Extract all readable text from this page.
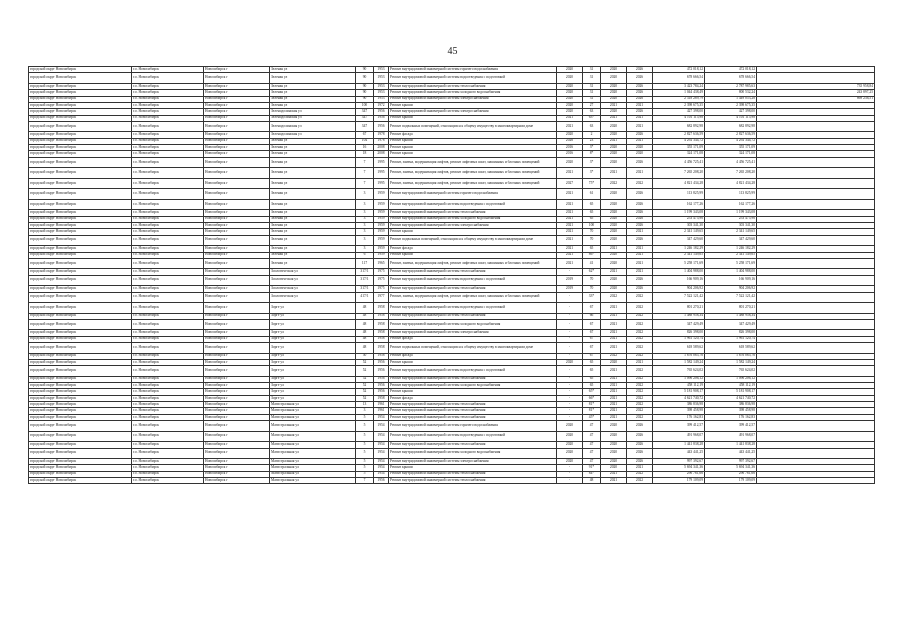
45
городской округ Новосибирск	г.о. Новосибирск	Новосибирск г	Зеленая ул	90	1953	Ремонт внутридомовой инженерной системы горячего водоснабжения	2020	31	2020	2026	472 018,12	472 018,12	
городской округ Новосибирск	г.о. Новосибирск	Новосибирск г	Зеленая ул	90	1953	Ремонт внутридомовой инженерной системы водоотведения с подготовкой	2020	31	2020	2026	678 666,54	678 666,54	
городской округ Новосибирск	г.о. Новосибирск	Новосибирск г	Зеленая ул	90	1953	Ремонт внутридомовой инженерной системы теплоснабжения	2020	31	2020	2026	3 423 784,24	2 787 985,63	735 958,84
городской округ Новосибирск	г.о. Новосибирск	Новосибирск г	Зеленая ул	90	1953	Ремонт внутридомовой инженерной системы холодного водоснабжения	2020	31	2020	2026	1 044 438,49	800 532,24	243 897,25
городской округ Новосибирск	г.о. Новосибирск	Новосибирск г	Зеленая ул	90	1953	Ремонт внутридомовой инженерной системы электроснабжения	2020	31	2020	2026	2 318 289,79	1 449 053,28	869 236,51
городской округ Новосибирск	г.о. Новосибирск	Новосибирск г	Зеленая ул	100	1972	Ремонт крыши	2020	27	2021	2021	2 398 675,35	2 398 675,35	
городской округ Новосибирск	г.о. Новосибирск	Новосибирск г	Зеленодолинская ул	347	1956	Ремонт внутридомовой инженерной системы электроснабжения	2020	63	2020	2026	427 398,00	427 398,00	
городской округ Новосибирск	г.о. Новосибирск	Новосибирск г	Зеленодолинская ул	347	1956	Ремонт крыши	2021	63*	2021	2021	4 101 115,98	4 101 115,98	
городской округ Новосибирск	г.о. Новосибирск	Новосибирск г	Зеленодолинская ул	347	1956	Ремонт подвальных помещений, относящихся к общему имуществу в многоквартирном доме	2021	63	2020	2021	682 892,98	682 892,98	
городской округ Новосибирск	г.о. Новосибирск	Новосибирск г	Зеленодолинская ул	67	1978	Ремонт фасада	2020	2	2020	2026	2 827 636,59	2 827 636,59	
городской округ Новосибирск	г.о. Новосибирск	Новосибирск г	Зеленая ул	104	1978	Ремонт крыши	2026	23	2021	2021	4 292 344,72	4 292 344,72	
городской округ Новосибирск	г.о. Новосибирск	Новосибирск г	Зеленая ул	16	2008	Ремонт крыши	2016	3*	2020	2020	355 171,09	355 171,09	
городской округ Новосибирск	г.о. Новосибирск	Новосибирск г	Зеленая ул	18	2008	Ремонт крыши	2016	8*	2020	2020	324 171,08	324 171,08	
городской округ Новосибирск	г.о. Новосибирск	Новосибирск г	Зеленая ул	7	1995	Ремонт, замена, модернизация лифтов, ремонт лифтовых шахт, машинных и блочных помещений	2020	3*	2020	2026	4 456 725,41	4 456 725,41	
городской округ Новосибирск	г.о. Новосибирск	Новосибирск г	Зеленая ул	7	1995	Ремонт, замена, модернизация лифтов, ремонт лифтовых шахт, машинных и блочных помещений	2021	3*	2021	2021	7 265 208,20	7 265 208,20	
городской округ Новосибирск	г.о. Новосибирск	Новосибирск г	Зеленая ул	7	1995	Ремонт, замена, модернизация лифтов, ремонт лифтовых шахт, машинных и блочных помещений	2027	75*	2022	2022	4 821 434,28	4 821 434,28	
городской округ Новосибирск	г.о. Новосибирск	Новосибирск г	Зеленая ул	3	1959	Ремонт внутридомовой инженерной системы горячего водоснабжения	2021	61	2020	2026	113 825,99	113 825,99	
городской округ Новосибирск	г.о. Новосибирск	Новосибирск г	Зеленая ул	3	1959	Ремонт внутридомовой инженерной системы водоотведения с подготовкой	2021	65	2020	2026	162 177,26	162 177,26	
городской округ Новосибирск	г.о. Новосибирск	Новосибирск г	Зеленая ул	3	1959	Ремонт внутридомовой инженерной системы теплоснабжения	2021	65	2020	2026	1 199 343,08	1 199 343,08	
городской округ Новосибирск	г.о. Новосибирск	Новосибирск г	Зеленая ул	3	1959	Ремонт внутридомовой инженерной системы холодного водоснабжения	2021	65	2020	2026	253 475,96	253 475,96	
городской округ Новосибирск	г.о. Новосибирск	Новосибирск г	Зеленая ул	3	1959	Ремонт внутридомовой инженерной системы электроснабжения	2021	100	2020	2026	303 341,30	303 341,30	
городской округ Новосибирск	г.о. Новосибирск	Новосибирск г	Зеленая ул	3	1959	Ремонт крыши	2021	70	2020	2021	2 341 149,65	2 341 149,65	
городской округ Новосибирск	г.о. Новосибирск	Новосибирск г	Зеленая ул	3	1959	Ремонт подвальных помещений, относящихся к общему имуществу в многоквартирном доме	2021	70	2020	2026	347 429,60	347 429,60	
городской округ Новосибирск	г.о. Новосибирск	Новосибирск г	Зеленая ул	3	1959	Ремонт фасада	2021	65	2021	2021	1 246 182,29	1 246 182,29	
городской округ Новосибирск	г.о. Новосибирск	Новосибирск г	Зеленая ул	6	1959	Ремонт крыши	2021	86*	2020	2021	2 341 149,65	2 341 149,65	
городской округ Новосибирск	г.о. Новосибирск	Новосибирск г	Зеленая ул	117	1965	Ремонт, замена, модернизация лифтов, ремонт лифтовых шахт, машинных и блочных помещений	2021	41	2020	2021	5 258 171,69	5 258 171,69	
городской округ Новосибирск	г.о. Новосибирск	Новосибирск г	Зоологическая ул	317/1	1975	Ремонт внутридомовой инженерной системы теплоснабжения	-	62*	2021	2021	1 404 988,00	1 404 988,00	
городской округ Новосибирск	г.о. Новосибирск	Новосибирск г	Зоологическая ул	317/1	1975	Ремонт внутридомовой инженерной системы водоотведения с подготовкой	2019	70	2020	2026	166 909,16	166 909,16	
городской округ Новосибирск	г.о. Новосибирск	Новосибирск г	Зоологическая ул	317/1	1975	Ремонт внутридомовой инженерной системы теплоснабжения	2019	70	2020	2026	904 206,92	904 206,92	
городской округ Новосибирск	г.о. Новосибирск	Новосибирск г	Зоологическая ул	417/1	1977	Ремонт, замена, модернизация лифтов, ремонт лифтовых шахт, машинных и блочных помещений	-	33*	2022	2022	7 522 121,42	7 522 121,42	
городской округ Новосибирск	г.о. Новосибирск	Новосибирск г	Зорге ул	48	1958	Ремонт внутридомовой инженерной системы водоотведения с подготовкой	-	67	2021	2022	801 270,21	801 270,21	
городской округ Новосибирск	г.о. Новосибирск	Новосибирск г	Зорге ул	48	1958	Ремонт внутридомовой инженерной системы теплоснабжения	-	66	2021	2022	1 488 958,34	1 488 958,34	
городской округ Новосибирск	г.о. Новосибирск	Новосибирск г	Зорге ул	48	1958	Ремонт внутридомовой инженерной системы холодного водоснабжения	-	67	2021	2022	347 429,49	347 429,49	
городской округ Новосибирск	г.о. Новосибирск	Новосибирск г	Зорге ул	48	1958	Ремонт внутридомовой инженерной системы электроснабжения	-	67	2021	2022	826 398,00	826 398,00	
городской округ Новосибирск	г.о. Новосибирск	Новосибирск г	Зорге ул	48	1958	Ремонт фасада	-	67	2021	2022	1 961 120,74	1 961 120,74	
городской округ Новосибирск	г.о. Новосибирск	Новосибирск г	Зорге ул	48	1958	Ремонт подвальных помещений, относящихся к общему имуществу в многоквартирном доме	-	67	2021	2022	618 589,62	618 589,62	
городской округ Новосибирск	г.о. Новосибирск	Новосибирск г	Зорге ул	50	1958	Ремонт фасада	-	67	2022	2022	1 676 065,76	1 676 065,76	
городской округ Новосибирск	г.о. Новосибирск	Новосибирск г	Зорге ул	52	1956	Ремонт крыши	2020	65	2020	2021	1 582 149,24	1 582 149,24	
городской округ Новосибирск	г.о. Новосибирск	Новосибирск г	Зорге ул	52	1956	Ремонт внутридомовой инженерной системы водоотведения с подготовкой	-	65	2021	2022	765 624,02	765 624,02	
городской округ Новосибирск	г.о. Новосибирск	Новосибирск г	Зорге ул	52	1956	Ремонт внутридомовой инженерной системы теплоснабжения	-	65	2021	2022	1 096 206,12	1 096 206,12	
городской округ Новосибирск	г.о. Новосибирск	Новосибирск г	Зорге ул	52	1956	Ремонт внутридомовой инженерной системы холодного водоснабжения	-	65	2021	2022	458 112,19	458 112,19	
городской округ Новосибирск	г.о. Новосибирск	Новосибирск г	Зорге ул	52	1956	Ремонт крыши	-	65*	2021	2022	5 181 908,17	5 181 908,17	
городской округ Новосибирск	г.о. Новосибирск	Новосибирск г	Зорге ул	52	1958	Ремонт фасада	-	66*	2021	2022	4 621 740,72	4 621 740,72	
городской округ Новосибирск	г.о. Новосибирск	Новосибирск г	Магистральная ул	13	1961	Ремонт внутридомовой инженерной системы теплоснабжения	-	81*	2021	2022	386 836,98	386 836,98	
городской округ Новосибирск	г.о. Новосибирск	Новосибирск г	Магистральная ул	3	1961	Ремонт внутридомовой инженерной системы теплоснабжения	-	81*	2021	2022	398 458,98	398 458,98	
городской округ Новосибирск	г.о. Новосибирск	Новосибирск г	Магистральная ул	5	1954	Ремонт внутридомовой инженерной системы теплоснабжения	-	45*	2021	2022	176 162,83	176 162,83	
городской округ Новосибирск	г.о. Новосибирск	Новосибирск г	Магистральная ул	5	1954	Ремонт внутридомовой инженерной системы горячего водоснабжения	2020	47	2020	2026	399 412,57	399 412,57	
городской округ Новосибирск	г.о. Новосибирск	Новосибирск г	Магистральная ул	5	1954	Ремонт внутридомовой инженерной системы водоотведения с подготовкой	2020	47	2020	2026	491 968,07	491 968,07	
городской округ Новосибирск	г.о. Новосибирск	Новосибирск г	Магистральная ул	5	1954	Ремонт внутридомовой инженерной системы теплоснабжения	2020	47	2020	2026	1 441 838,28	1 441 838,28	
городской округ Новосибирск	г.о. Новосибирск	Новосибирск г	Магистральная ул	5	1954	Ремонт внутридомовой инженерной системы холодного водоснабжения	2020	47	2020	2026	443 441,25	443 441,25	
городской округ Новосибирск	г.о. Новосибирск	Новосибирск г	Магистральная ул	5	1954	Ремонт внутридомовой инженерной системы электроснабжения	2020	47	2020	2026	997 392,67	997 392,67	
городской округ Новосибирск	г.о. Новосибирск	Новосибирск г	Магистральная ул	5	1954	Ремонт крыши	-	91*	2020	2021	5 694 341,36	5 694 341,36	
городской округ Новосибирск	г.о. Новосибирск	Новосибирск г	Магистральная ул	5	1954	Ремонт внутридомовой инженерной системы теплоснабжения	-	84*	2021	2022	296 761,66	296 761,66	
городской округ Новосибирск	г.о. Новосибирск	Новосибирск г	Магистральная ул	7	1956	Ремонт внутридомовой инженерной системы теплоснабжения	-	48	2021	2022	179 109,09	179 109,09	
